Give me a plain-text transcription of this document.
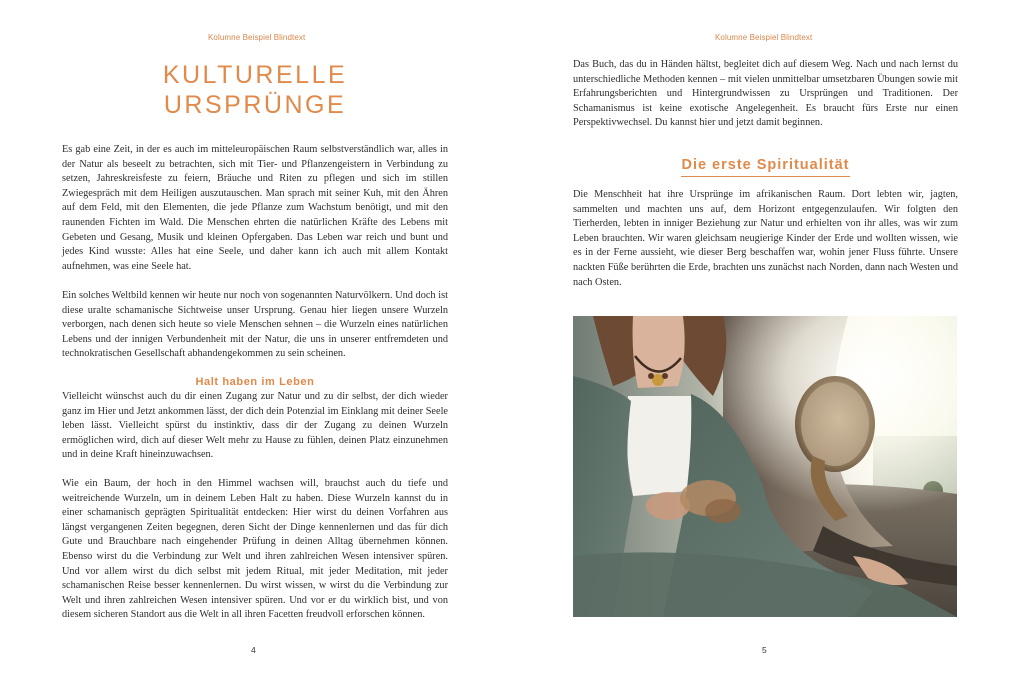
Kolumne Beispiel Blindtext
KULTURELLE
URSPRÜNGE

Es gab eine Zeit, in der es auch im mitteleuropäischen Raum selbstverständlich war, alles in der Natur als beseelt zu betrachten, sich mit Tier- und Pflanzengeistern in Verbindung zu setzen, Jahreskreisfeste zu feiern, Bräuche und Riten zu pflegen und sich im stillen Zwiegespräch mit dem Heiligen auszutauschen. Man sprach mit seiner Kuh, mit den Ähren auf dem Feld, mit den Elementen, die jede Pflanze zum Wachstum benötigt, und mit den raunenden Fichten im Wald. Die Menschen ehrten die natürlichen Kräfte des Lebens mit Gebeten und Gesang, Musik und kleinen Opfergaben. Das Leben war reich und bunt und jedes Kind wusste: Alles hat eine Seele, und daher kann ich auch mit allem Kontakt aufnehmen, was eine Seele hat.

Ein solches Weltbild kennen wir heute nur noch von sogenannten Naturvölkern. Und doch ist diese uralte schamanische Sichtweise unser Ursprung. Genau hier liegen unsere Wurzeln verborgen, nach denen sich heute so viele Menschen sehnen – die Wurzeln eines natürlichen Lebens und der innigen Verbundenheit mit der Natur, die uns in unserer entfremdeten und technokratischen Gesellschaft abhandengekommen zu sein scheinen.

Halt haben im Leben

Vielleicht wünschst auch du dir einen Zugang zur Natur und zu dir selbst, der dich wieder ganz im Hier und Jetzt ankommen lässt, der dich dein Potenzial im Einklang mit deiner Seele leben lässt. Vielleicht spürst du instinktiv, dass dir der Zugang zu deinen Wurzeln ermöglichen wird, dich auf dieser Welt mehr zu Hause zu fühlen, deinen Platz einzunehmen und in deine Kraft hineinzuwachsen.

Wie ein Baum, der hoch in den Himmel wachsen will, brauchst auch du tiefe und weitreichende Wurzeln, um in deinem Leben Halt zu haben. Diese Wurzeln kannst du in einer schamanisch geprägten Spiritualität entdecken: Hier wirst du deinen Vorfahren aus längst vergangenen Zeiten begegnen, deren Sicht der Dinge kennenlernen und das für dich Gute und Brauchbare nach eingehender Prüfung in deinen Alltag übernehmen können. Ebenso wirst du die Verbindung zur Welt und ihren zahlreichen Wesen intensiver spüren. Und vor allem wirst du dich selbst mit jedem Ritual, mit jeder Meditation, mit jeder schamanischen Reise besser kennenlernen. Du wirst wissen, w wirst du die Verbindung zur Welt und ihren zahlreichen Wesen intensiver spüren. Und vor er du wirklich bist, und von diesem sicheren Standort aus die Welt in all ihren Facetten freudvoll erforschen können.

4
Kolumne Beispiel Blindtext

Das Buch, das du in Händen hältst, begleitet dich auf diesem Weg. Nach und nach lernst du unterschiedliche Methoden kennen – mit vielen unmittelbar umsetzbaren Übungen sowie mit Erfahrungsberichten und Hintergrundwissen zu Ursprüngen und Traditionen. Der Schamanismus ist keine exotische Angelegenheit. Es braucht fürs Erste nur einen Perspektivwechsel. Du kannst hier und jetzt damit beginnen.

Die erste Spiritualität

Die Menschheit hat ihre Ursprünge im afrikanischen Raum. Dort lebten wir, jagten, sammelten und machten uns auf, dem Horizont entgegenzulaufen. Wir folgten den Tierherden, lebten in inniger Beziehung zur Natur und erhielten von ihr alles, was wir zum Leben brauchten. Wir waren gleichsam neugierige Kinder der Erde und wollten wissen, wie es in der Ferne aussieht, wie dieser Berg beschaffen war, wohin jener Fluss führte. Unsere nackten Füße berührten die Erde, brachten uns zunächst nach Norden, dann nach Westen und nach Osten.

5
